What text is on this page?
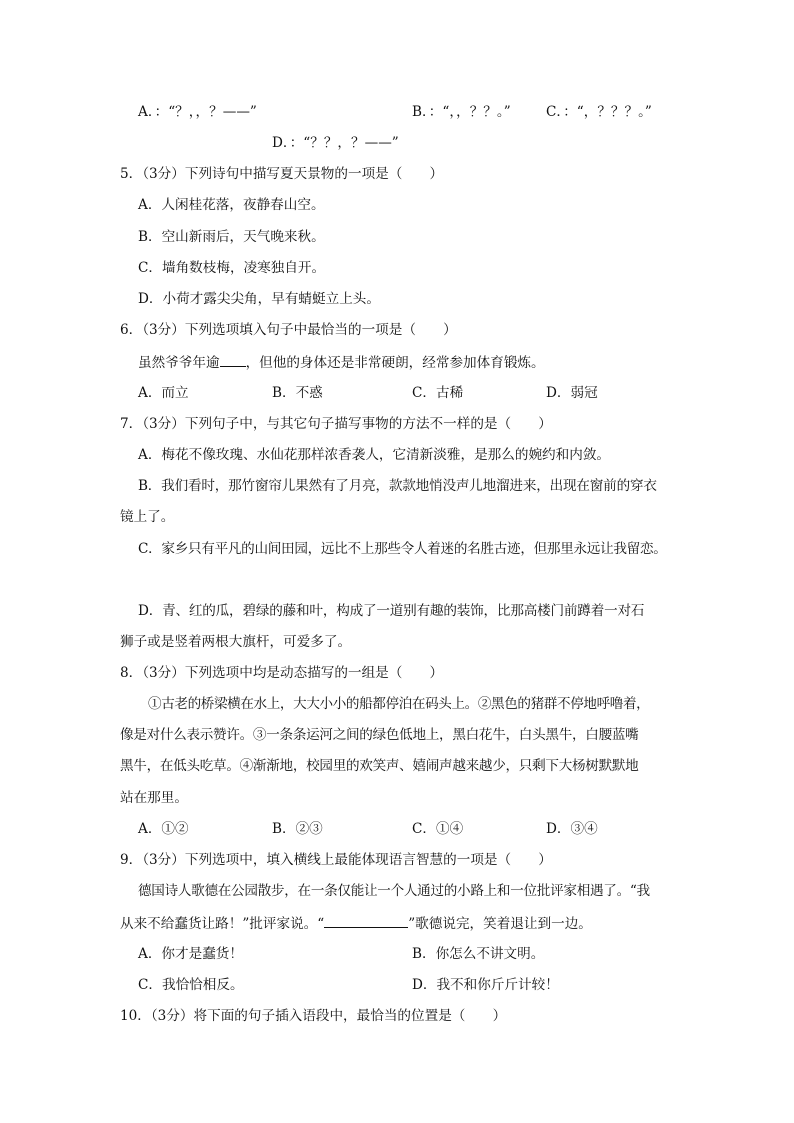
A．：“？，，？——”	B．：“，，？？。”	C．：“，？？？。”
D．：“？？，？——”
5．（3分）下列诗句中描写夏天景物的一项是（　　）
A．人闲桂花落，夜静春山空。
B．空山新雨后，天气晚来秋。
C．墙角数枝梅，凌寒独自开。
D．小荷才露尖尖角，早有蜻蜓立上头。
6．（3分）下列选项填入句子中最恰当的一项是（　　）
虽然爷爷年逾 ，但他的身体还是非常硬朗，经常参加体育锻炼。
A．而立	B．不惑	C．古稀	D．弱冠
7．（3分）下列句子中，与其它句子描写事物的方法不一样的是（　　）
A．梅花不像玫瑰、水仙花那样浓香袭人，它清新淡雅，是那么的婉约和内敛。
B．我们看时，那竹窗帘儿果然有了月亮，款款地悄没声儿地溜进来，出现在窗前的穿衣
镜上了。
C．家乡只有平凡的山间田园，远比不上那些令人着迷的名胜古迹，但那里永远让我留恋。
D．青、红的瓜，碧绿的藤和叶，构成了一道别有趣的装饰，比那高楼门前蹲着一对石
狮子或是竖着两根大旗杆，可爱多了。
8．（3分）下列选项中均是动态描写的一组是（　　）
①古老的桥梁横在水上，大大小小的船都停泊在码头上。②黑色的猪群不停地呼噜着，
像是对什么表示赞许。③一条条运河之间的绿色低地上，黑白花牛，白头黑牛，白腰蓝嘴
黑牛，在低头吃草。④渐渐地，校园里的欢笑声、嬉闹声越来越少，只剩下大杨树默默地
站在那里。
A．①②	B．②③	C．①④	D．③④
9．（3分）下列选项中，填入横线上最能体现语言智慧的一项是（　　）
德国诗人歌德在公园散步，在一条仅能让一个人通过的小路上和一位批评家相遇了。“我
从来不给蠢货让路！”批评家说。“	”歌德说完，笑着退让到一边。
A．你才是蠢货！	B．你怎么不讲文明。
C．我恰恰相反。	D．我不和你斤斤计较！
10．（3分）将下面的句子插入语段中，最恰当的位置是（　　）
